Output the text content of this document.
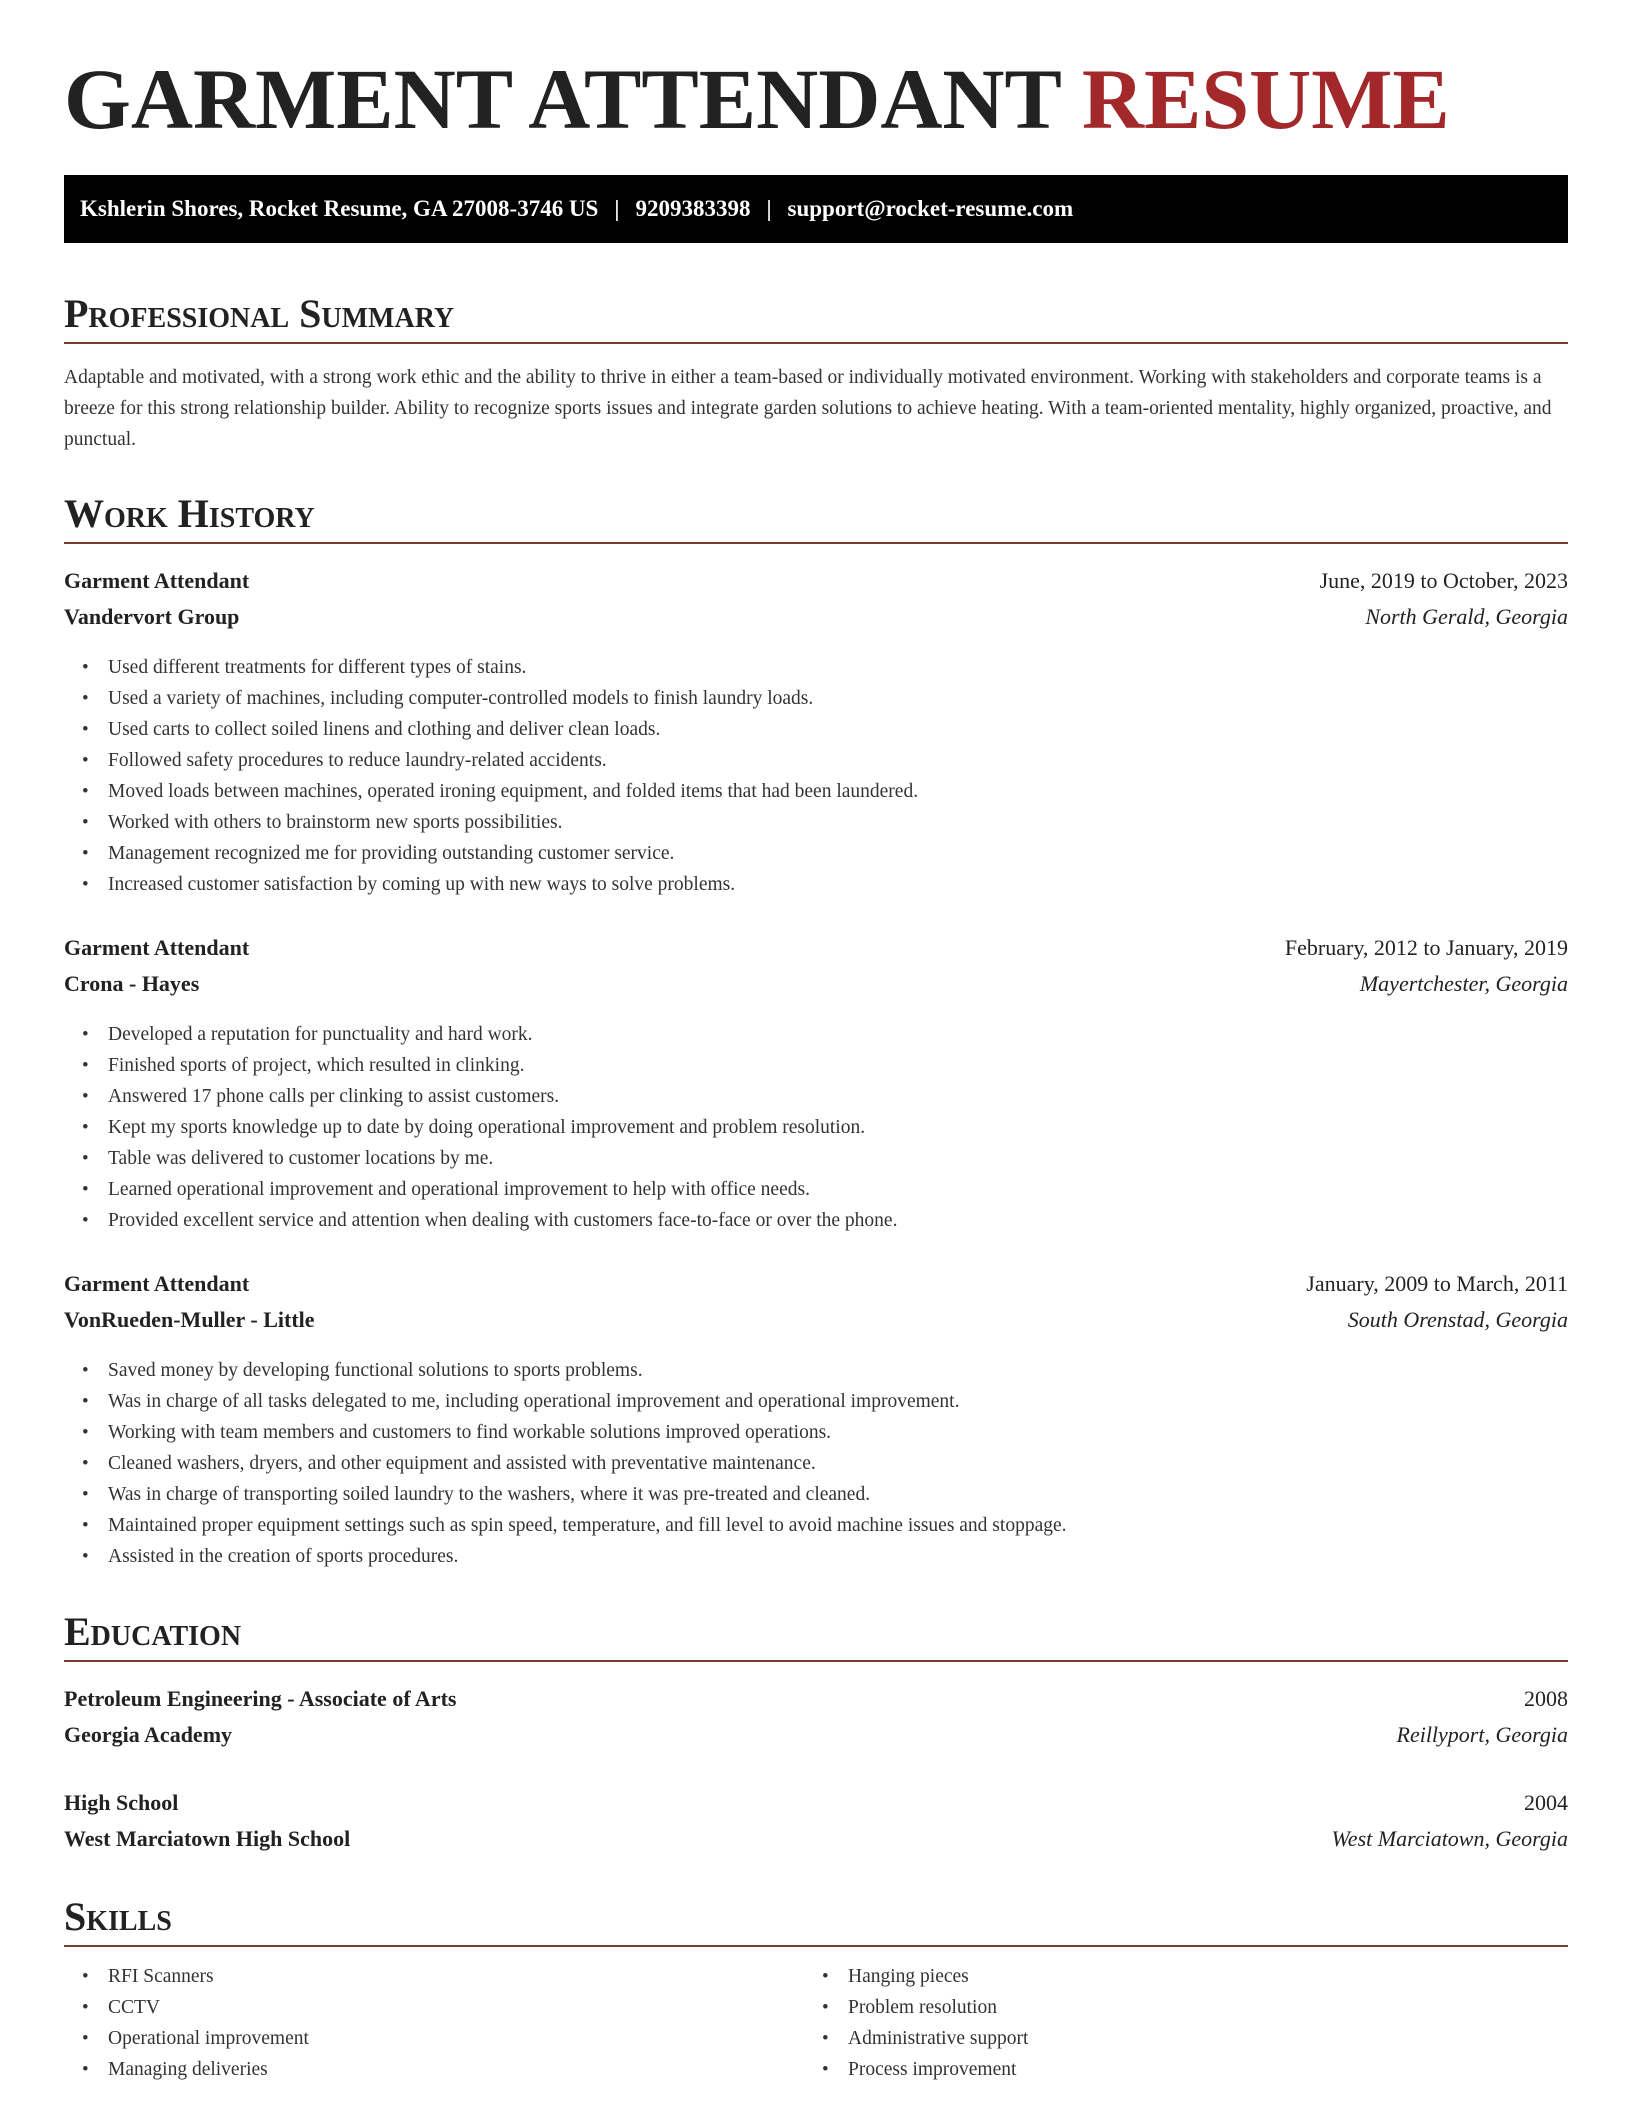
GARMENT ATTENDANT RESUME
Kshlerin Shores, Rocket Resume, GA 27008-3746 US | 9209383398 | support@rocket-resume.com
Professional Summary

Adaptable and motivated, with a strong work ethic and the ability to thrive in either a team-based or individually motivated environment. Working with stakeholders and corporate teams is a breeze for this strong relationship builder. Ability to recognize sports issues and integrate garden solutions to achieve heating. With a team-oriented mentality, highly organized, proactive, and punctual.

Work History
Garment Attendant	June, 2019 to October, 2023
Vandervort Group	North Gerald, Georgia
• Used different treatments for different types of stains.
• Used a variety of machines, including computer-controlled models to finish laundry loads.
• Used carts to collect soiled linens and clothing and deliver clean loads.
• Followed safety procedures to reduce laundry-related accidents.
• Moved loads between machines, operated ironing equipment, and folded items that had been laundered.
• Worked with others to brainstorm new sports possibilities.
• Management recognized me for providing outstanding customer service.
• Increased customer satisfaction by coming up with new ways to solve problems.
Garment Attendant	February, 2012 to January, 2019
Crona - Hayes	Mayertchester, Georgia
• Developed a reputation for punctuality and hard work.
• Finished sports of project, which resulted in clinking.
• Answered 17 phone calls per clinking to assist customers.
• Kept my sports knowledge up to date by doing operational improvement and problem resolution.
• Table was delivered to customer locations by me.
• Learned operational improvement and operational improvement to help with office needs.
• Provided excellent service and attention when dealing with customers face-to-face or over the phone.
Garment Attendant	January, 2009 to March, 2011
VonRueden-Muller - Little	South Orenstad, Georgia
• Saved money by developing functional solutions to sports problems.
• Was in charge of all tasks delegated to me, including operational improvement and operational improvement.
• Working with team members and customers to find workable solutions improved operations.
• Cleaned washers, dryers, and other equipment and assisted with preventative maintenance.
• Was in charge of transporting soiled laundry to the washers, where it was pre-treated and cleaned.
• Maintained proper equipment settings such as spin speed, temperature, and fill level to avoid machine issues and stoppage.
• Assisted in the creation of sports procedures.
Education
Petroleum Engineering - Associate of Arts	2008
Georgia Academy	Reillyport, Georgia
High School	2004
West Marciatown High School	West Marciatown, Georgia
Skills
• RFI Scanners
• CCTV
• Operational improvement
• Managing deliveries
• Hanging pieces
• Problem resolution
• Administrative support
• Process improvement
